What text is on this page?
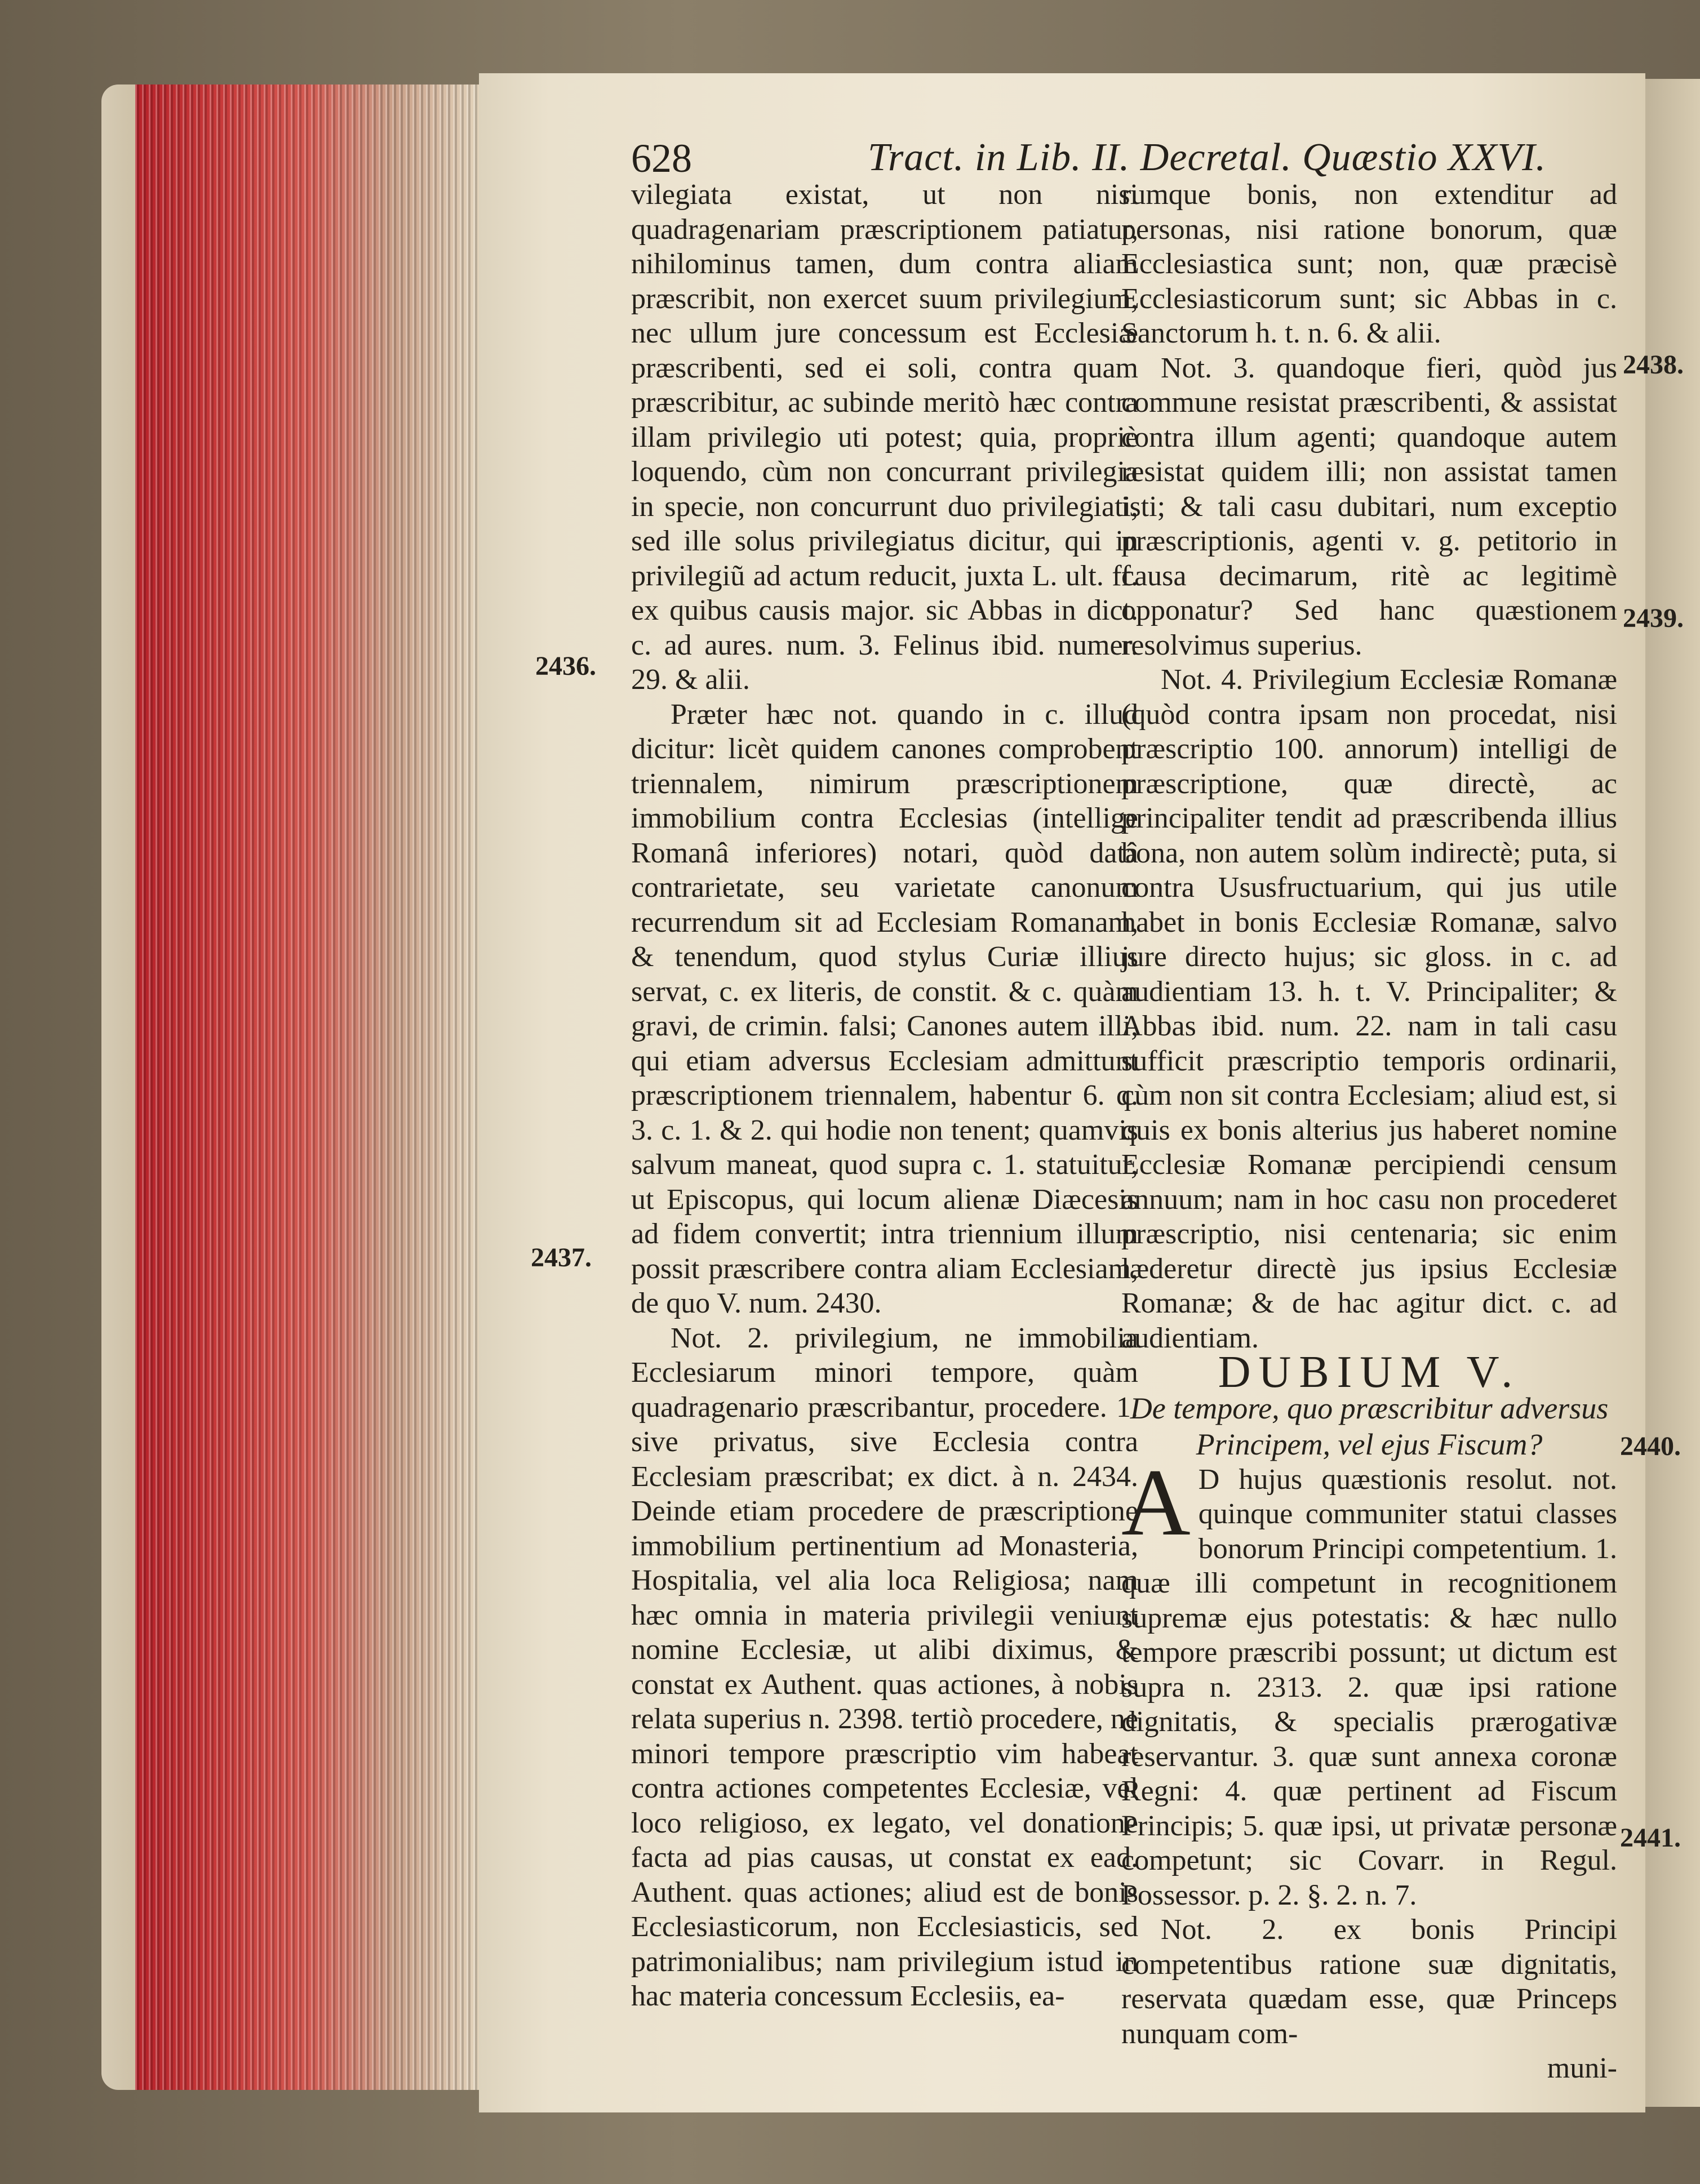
628	Tract. in Lib. II. Decretal. Quæstio XXVI.
2436.
2437.
2438.
2439.
2440.
2441.

vilegiata existat, ut non nisi quadragenariam præscriptionem patiatur, nihilominus tamen, dum contra aliam præscribit, non exercet suum privilegium, nec ullum jure concessum est Ecclesiæ præscribenti, sed ei soli, contra quam præscribitur, ac subinde meritò hæc contra illam privilegio uti potest; quia, propriè loquendo, cùm non concurrant privilegia in specie, non concurrunt duo privilegiati, sed ille solus privilegiatus dicitur, qui in privilegiũ ad actum reducit, juxta L. ult. ff. ex quibus causis major. sic Abbas in dict. c. ad aures. num. 3. Felinus ibid. numer. 29. & alii.

Præter hæc not. quando in c. illud dicitur: licèt quidem canones comprobent triennalem, nimirum præscriptionem immobilium contra Ecclesias (intellige Romanâ inferiores) notari, quòd datâ contrarietate, seu varietate canonum recurrendum sit ad Ecclesiam Romanam, & tenendum, quod stylus Curiæ illius servat, c. ex literis, de constit. & c. quàm gravi, de crimin. falsi; Canones autem illi, qui etiam adversus Ecclesiam admittunt præscriptionem triennalem, habentur 6. q. 3. c. 1. & 2. qui hodie non tenent; quamvis salvum maneat, quod supra c. 1. statuitur, ut Episcopus, qui locum alienæ Diæcesis ad fidem convertit; intra triennium illum possit præscribere contra aliam Ecclesiam, de quo V. num. 2430.

Not. 2. privilegium, ne immobilia Ecclesiarum minori tempore, quàm quadragenario præscribantur, procedere. 1. sive privatus, sive Ecclesia contra Ecclesiam præscribat; ex dict. à n. 2434. Deinde etiam procedere de præscriptione immobilium pertinentium ad Monasteria, Hospitalia, vel alia loca Religiosa; nam hæc omnia in materia privilegii veniunt nomine Ecclesiæ, ut alibi diximus, & constat ex Authent. quas actiones, à nobis relata superius n. 2398. tertiò procedere, ne minori tempore præscriptio vim habeat contra actiones competentes Ecclesiæ, vel loco religioso, ex legato, vel donatione facta ad pias causas, ut constat ex ead. Authent. quas actiones; aliud est de bonis Ecclesiasticorum, non Ecclesiasticis, sed patrimonialibus; nam privilegium istud in hac materia concessum Ecclesiis, ea-

rumque bonis, non extenditur ad personas, nisi ratione bonorum, quæ Ecclesiastica sunt; non, quæ præcisè Ecclesiasticorum sunt; sic Abbas in c. Sanctorum h. t. n. 6. & alii.

Not. 3. quandoque fieri, quòd jus commune resistat præscribenti, & assistat contra illum agenti; quandoque autem resistat quidem illi; non assistat tamen isti; & tali casu dubitari, num exceptio præscriptionis, agenti v. g. petitorio in causa decimarum, ritè ac legitimè opponatur? Sed hanc quæstionem resolvimus superius.

Not. 4. Privilegium Ecclesiæ Romanæ (quòd contra ipsam non procedat, nisi præscriptio 100. annorum) intelligi de præscriptione, quæ directè, ac principaliter tendit ad præscribenda illius bona, non autem solùm indirectè; puta, si contra Ususfructuarium, qui jus utile habet in bonis Ecclesiæ Romanæ, salvo jure directo hujus; sic gloss. in c. ad audientiam 13. h. t. V. Principaliter; & Abbas ibid. num. 22. nam in tali casu sufficit præscriptio temporis ordinarii, cùm non sit contra Ecclesiam; aliud est, si quis ex bonis alterius jus haberet nomine Ecclesiæ Romanæ percipiendi censum annuum; nam in hoc casu non procederet præscriptio, nisi centenaria; sic enim læderetur directè jus ipsius Ecclesiæ Romanæ; & de hac agitur dict. c. ad audientiam.

DUBIUM V.

De tempore, quo præscribitur adversus Principem, vel ejus Fiscum?

A D hujus quæstionis resolut. not. quinque communiter statui classes bonorum Principi competentium. 1. quæ illi competunt in recognitionem supremæ ejus potestatis: & hæc nullo tempore præscribi possunt; ut dictum est supra n. 2313. 2. quæ ipsi ratione dignitatis, & specialis prærogativæ reservantur. 3. quæ sunt annexa coronæ Regni: 4. quæ pertinent ad Fiscum Principis; 5. quæ ipsi, ut privatæ personæ competunt; sic Covarr. in Regul. Possessor. p. 2. §. 2. n. 7.

Not. 2. ex bonis Principi competentibus ratione suæ dignitatis, reservata quædam esse, quæ Princeps nunquam com-

muni-
